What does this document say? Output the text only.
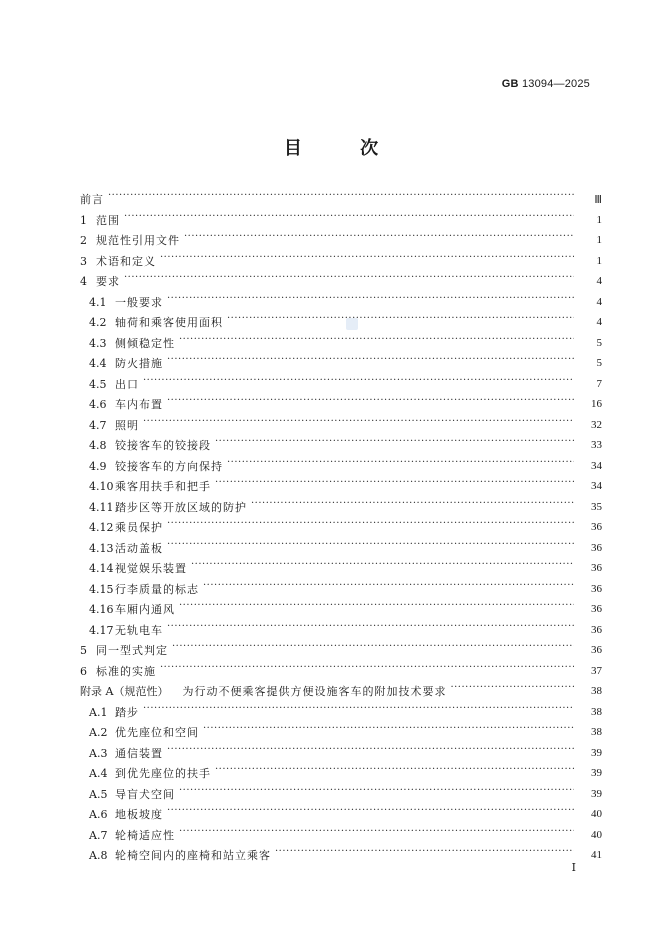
GB 13094—2025
目 次
前言 ·····	Ⅲ
1 范围 ·····	1
2 规范性引用文件 ·····	1
3 术语和定义 ·····	1
4 要求 ·····	4
4.1 一般要求 ·····	4
4.2 轴荷和乘客使用面积 ·····	4
4.3 侧倾稳定性 ·····	5
4.4 防火措施 ·····	5
4.5 出口 ·····	7
4.6 车内布置 ·····	16
4.7 照明 ·····	32
4.8 铰接客车的铰接段 ·····	33
4.9 铰接客车的方向保持 ·····	34
4.10 乘客用扶手和把手 ·····	34
4.11 踏步区等开放区域的防护 ·····	35
4.12 乘员保护 ·····	36
4.13 活动盖板 ·····	36
4.14 视觉娱乐装置 ·····	36
4.15 行李质量的标志 ·····	36
4.16 车厢内通风 ·····	36
4.17 无轨电车 ·····	36
5 同一型式判定 ·····	36
6 标准的实施 ·····	37
附录 A（规范性） 为行动不便乘客提供方便设施客车的附加技术要求 ·····	38
A.1 踏步 ·····	38
A.2 优先座位和空间 ·····	38
A.3 通信装置 ·····	39
A.4 到优先座位的扶手 ·····	39
A.5 导盲犬空间 ·····	39
A.6 地板坡度 ·····	40
A.7 轮椅适应性 ·····	40
A.8 轮椅空间内的座椅和站立乘客 ·····	41
I
